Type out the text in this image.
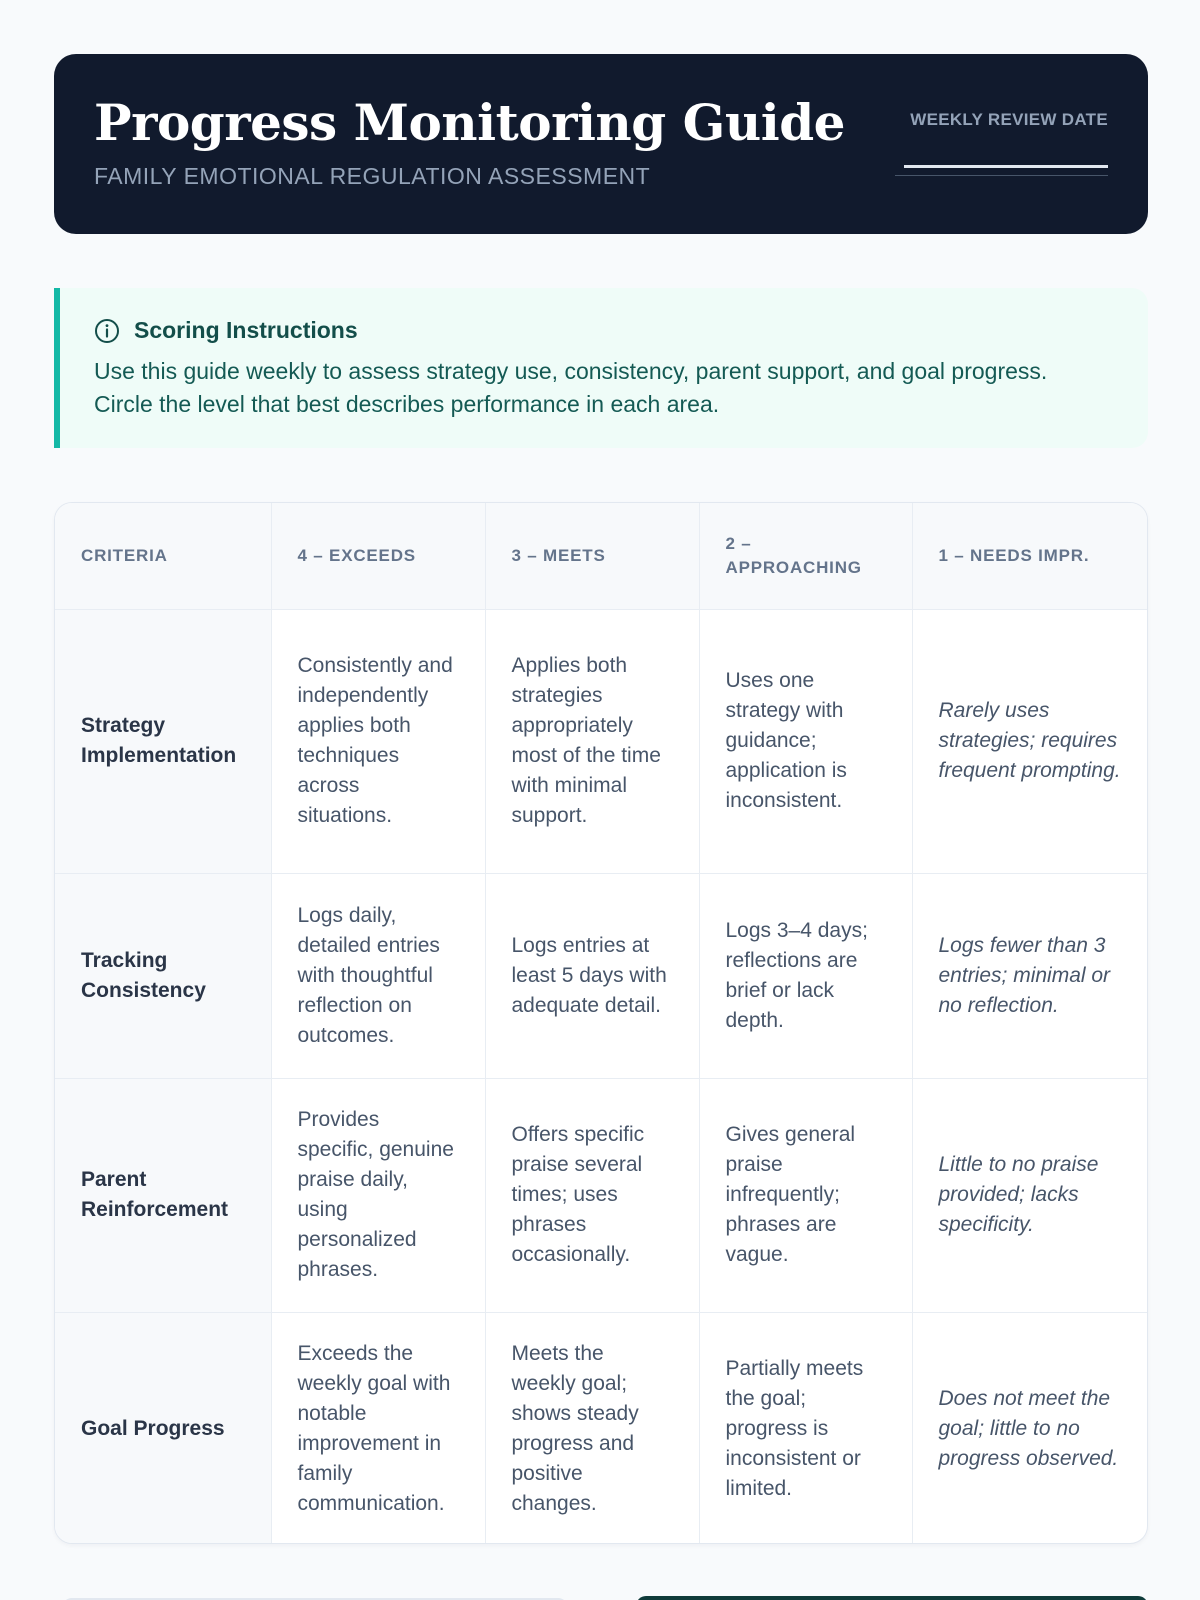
Progress Monitoring Guide
FAMILY EMOTIONAL REGULATION ASSESSMENT
WEEKLY REVIEW DATE
Scoring Instructions
Use this guide weekly to assess strategy use, consistency, parent support, and goal progress. Circle the level that best describes performance in each area.
CRITERIA	4 – EXCEEDS	3 – MEETS	2 – APPROACHING	1 – NEEDS IMPR.
Strategy Implementation	Consistently and independently applies both techniques across situations.	Applies both strategies appropriately most of the time with minimal support.	Uses one strategy with guidance; application is inconsistent.	Rarely uses strategies; requires frequent prompting.
Tracking Consistency	Logs daily, detailed entries with thoughtful reflection on outcomes.	Logs entries at least 5 days with adequate detail.	Logs 3–4 days; reflections are brief or lack depth.	Logs fewer than 3 entries; minimal or no reflection.
Parent Reinforcement	Provides specific, genuine praise daily, using personalized phrases.	Offers specific praise several times; uses phrases occasionally.	Gives general praise infrequently; phrases are vague.	Little to no praise provided; lacks specificity.
Goal Progress	Exceeds the weekly goal with notable improvement in family communication.	Meets the weekly goal; shows steady progress and positive changes.	Partially meets the goal; progress is inconsistent or limited.	Does not meet the goal; little to no progress observed.
